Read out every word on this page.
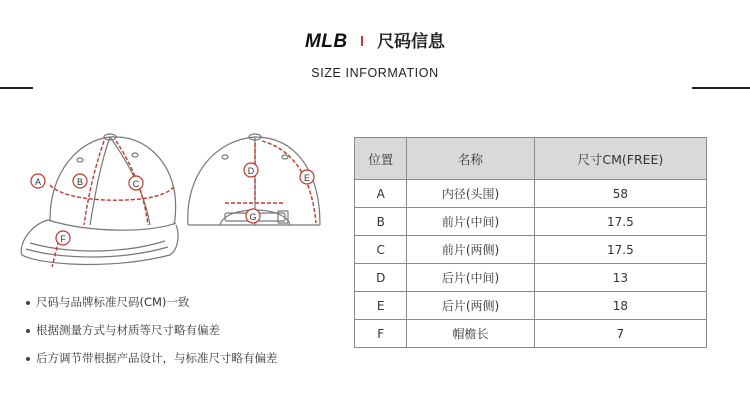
MLB 尺码信息
SIZE INFORMATION
A	B	C
D
E
F
G
位置	名称	尺寸CM(FREE)
A	内径(头围)	58
B	前片(中间)	17.5
C	前片(两侧)	17.5
D	后片(中间)	13
E	后片(两侧)	18
F	帽檐长	7
尺码与品牌标准尺码(CM)一致
根据测量方式与材质等尺寸略有偏差
后方调节带根据产品设计，与标准尺寸略有偏差
